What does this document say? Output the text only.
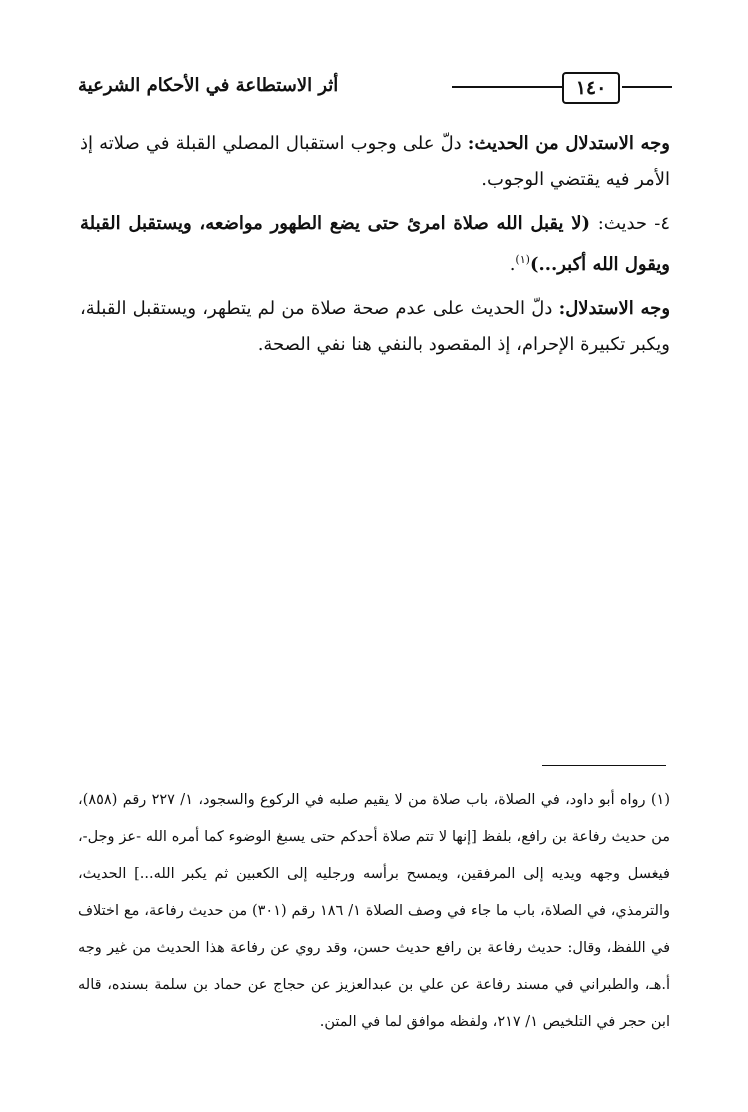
١٤٠
أثر الاستطاعة في الأحكام الشرعية

وجه الاستدلال من الحديث: دلّ على وجوب استقبال المصلي القبلة في صلاته إذ الأمر فيه يقتضي الوجوب.

٤- حديث: (لا يقبل الله صلاة امرئ حتى يضع الطهور مواضعه، ويستقبل القبلة ويقول الله أكبر...)$^{(١)}$.

وجه الاستدلال: دلّ الحديث على عدم صحة صلاة من لم يتطهر، ويستقبل القبلة، ويكبر تكبيرة الإحرام، إذ المقصود بالنفي هنا نفي الصحة.

(١) رواه أبو داود، في الصلاة، باب صلاة من لا يقيم صلبه في الركوع والسجود، ١/ ٢٢٧ رقم (٨٥٨)، من حديث رفاعة بن رافع، بلفظ [إنها لا تتم صلاة أحدكم حتى يسبغ الوضوء كما أمره الله -عز وجل-، فيغسل وجهه ويديه إلى المرفقين، ويمسح برأسه ورجليه إلى الكعبين ثم يكبر الله...] الحديث، والترمذي، في الصلاة، باب ما جاء في وصف الصلاة ١/ ١٨٦ رقم (٣٠١) من حديث رفاعة، مع اختلاف في اللفظ، وقال: حديث رفاعة بن رافع حديث حسن، وقد روي عن رفاعة هذا الحديث من غير وجه أ.هـ، والطبراني في مسند رفاعة عن علي بن عبدالعزيز عن حجاج عن حماد بن سلمة بسنده، قاله ابن حجر في التلخيص ١/ ٢١٧، ولفظه موافق لما في المتن.
